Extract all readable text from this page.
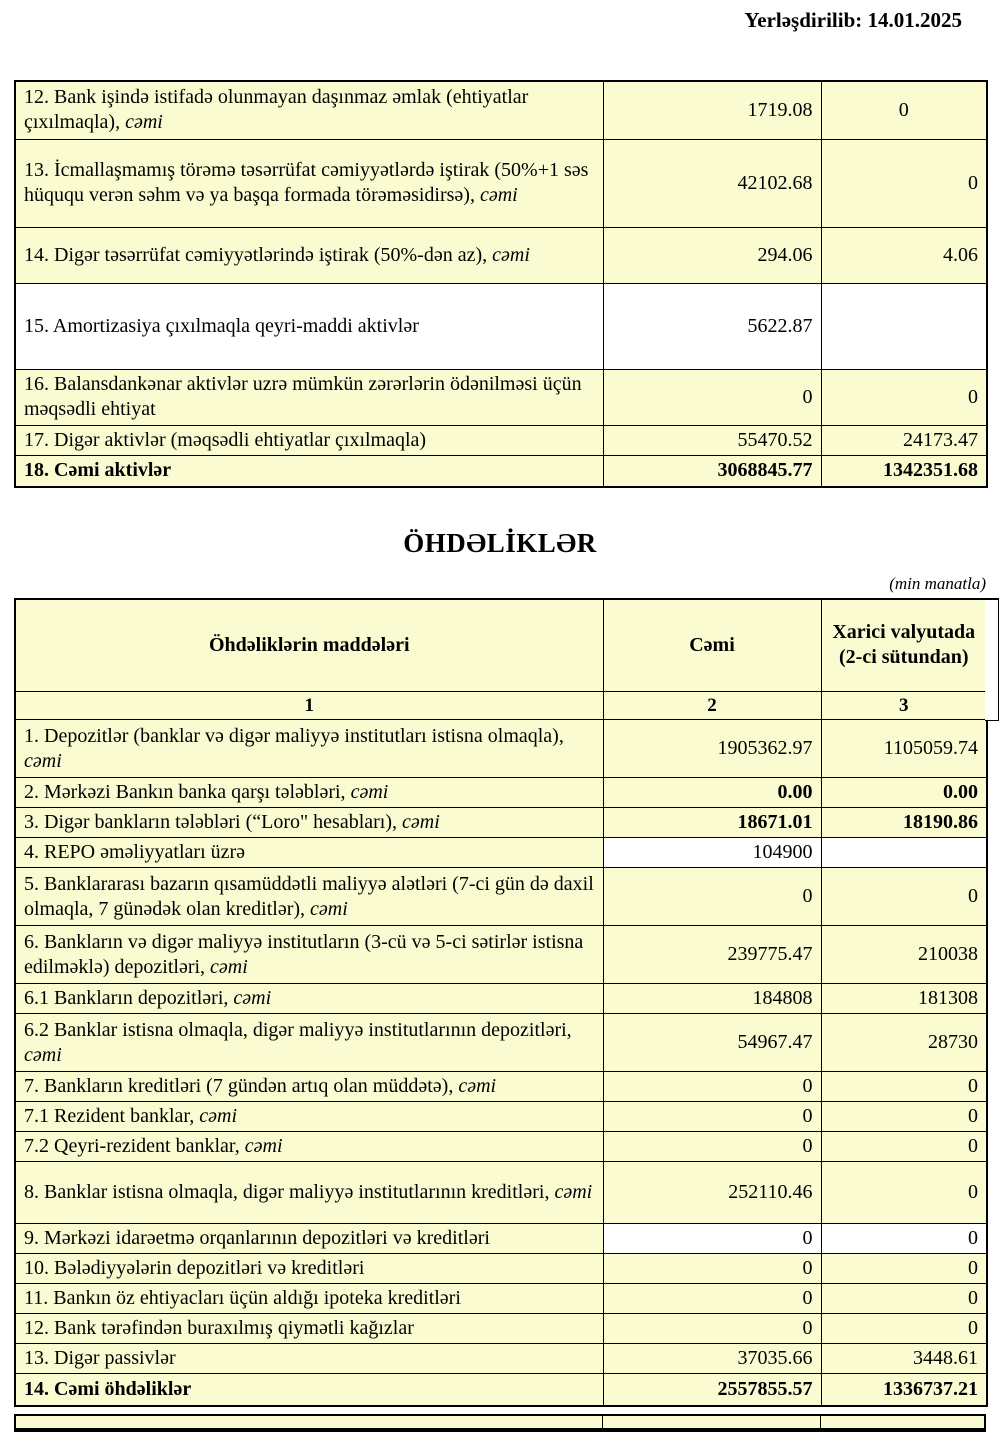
Yerləşdirilib: 14.01.2025
12. Bank işində istifadə olunmayan daşınmaz əmlak (ehtiyatlar çıxılmaqla), cəmi	1719.08	0
13. İcmallaşmamış törəmə təsərrüfat cəmiyyətlərdə iştirak (50%+1 səs hüququ verən səhm və ya başqa formada törəməsidirsə), cəmi	42102.68	0
14. Digər təsərrüfat cəmiyyətlərində iştirak (50%-dən az), cəmi	294.06	4.06
15. Amortizasiya çıxılmaqla qeyri-maddi aktivlər	5622.87	
16. Balansdankənar aktivlər uzrə mümkün zərərlərin ödənilməsi üçün məqsədli ehtiyat	0	0
17. Digər aktivlər (məqsədli ehtiyatlar çıxılmaqla)	55470.52	24173.47
18. Cəmi aktivlər	3068845.77	1342351.68
ÖHDƏLİKLƏR
(min manatla)
Öhdəliklərin maddələri	Cəmi	Xarici valyutada (2-ci sütundan)
1	2	3
1. Depozitlər (banklar və digər maliyyə institutları istisna olmaqla), cəmi	1905362.97	1105059.74
2. Mərkəzi Bankın banka qarşı tələbləri, cəmi	0.00	0.00
3. Digər bankların tələbləri (“Loro" hesabları), cəmi	18671.01	18190.86
4. REPO əməliyyatları üzrə	104900	
5. Banklararası bazarın qısamüddətli maliyyə alətləri (7-ci gün də daxil olmaqla, 7 günədək olan kreditlər), cəmi	0	0
6. Bankların və digər maliyyə institutların (3-cü və 5-ci sətirlər istisna edilməklə) depozitləri, cəmi	239775.47	210038
6.1 Bankların depozitləri, cəmi	184808	181308
6.2 Banklar istisna olmaqla, digər maliyyə institutlarının depozitləri, cəmi	54967.47	28730
7. Bankların kreditləri (7 gündən artıq olan müddətə), cəmi	0	0
7.1 Rezident banklar, cəmi	0	0
7.2 Qeyri-rezident banklar, cəmi	0	0
8. Banklar istisna olmaqla, digər maliyyə institutlarının kreditləri, cəmi	252110.46	0
9. Mərkəzi idarəetmə orqanlarının depozitləri və kreditləri	0	0
10. Bələdiyyələrin depozitləri və kreditləri	0	0
11. Bankın öz ehtiyacları üçün aldığı ipoteka kreditləri	0	0
12. Bank tərəfindən buraxılmış qiymətli kağızlar	0	0
13. Digər passivlər	37035.66	3448.61
14. Cəmi öhdəliklər	2557855.57	1336737.21
